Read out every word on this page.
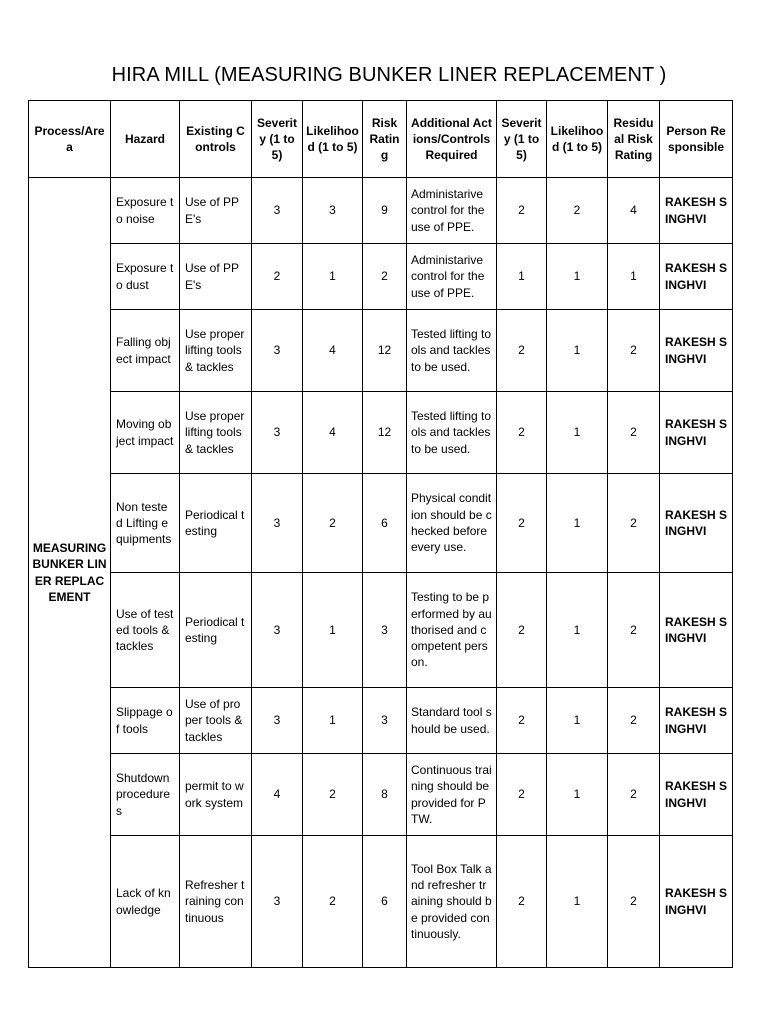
HIRA MILL (MEASURING BUNKER LINER REPLACEMENT )
Process/Area	Hazard	Existing Controls	Severity (1 to 5)	Likelihood (1 to 5)	Risk Rating	Additional Actions/Controls Required	Severity (1 to 5)	Likelihood (1 to 5)	Residual Risk Rating	Person Responsible
MEASURING BUNKER LINER REPLACEMENT	Exposure to noise	Use of PPE's	3	3	9	Administarive control for the use of PPE.	2	2	4	RAKESH SINGHVI
	Exposure to dust	Use of PPE's	2	1	2	Administarive control for the use of PPE.	1	1	1	RAKESH SINGHVI
	Falling object impact	Use proper lifting tools & tackles	3	4	12	Tested lifting tools and tackles to be used.	2	1	2	RAKESH SINGHVI
	Moving object impact	Use proper lifting tools & tackles	3	4	12	Tested lifting tools and tackles to be used.	2	1	2	RAKESH SINGHVI
	Non tested Lifting equipments	Periodical testing	3	2	6	Physical condition should be checked before every use.	2	1	2	RAKESH SINGHVI
	Use of tested tools & tackles	Periodical testing	3	1	3	Testing to be performed by authorised and competent person.	2	1	2	RAKESH SINGHVI
	Slippage of tools	Use of proper tools & tackles	3	1	3	Standard tool should be used.	2	1	2	RAKESH SINGHVI
	Shutdown procedures	permit to work system	4	2	8	Continuous training should be provided for PTW.	2	1	2	RAKESH SINGHVI
	Lack of knowledge	Refresher training continuous	3	2	6	Tool Box Talk and refresher training should be provided continuously.	2	1	2	RAKESH SINGHVI
